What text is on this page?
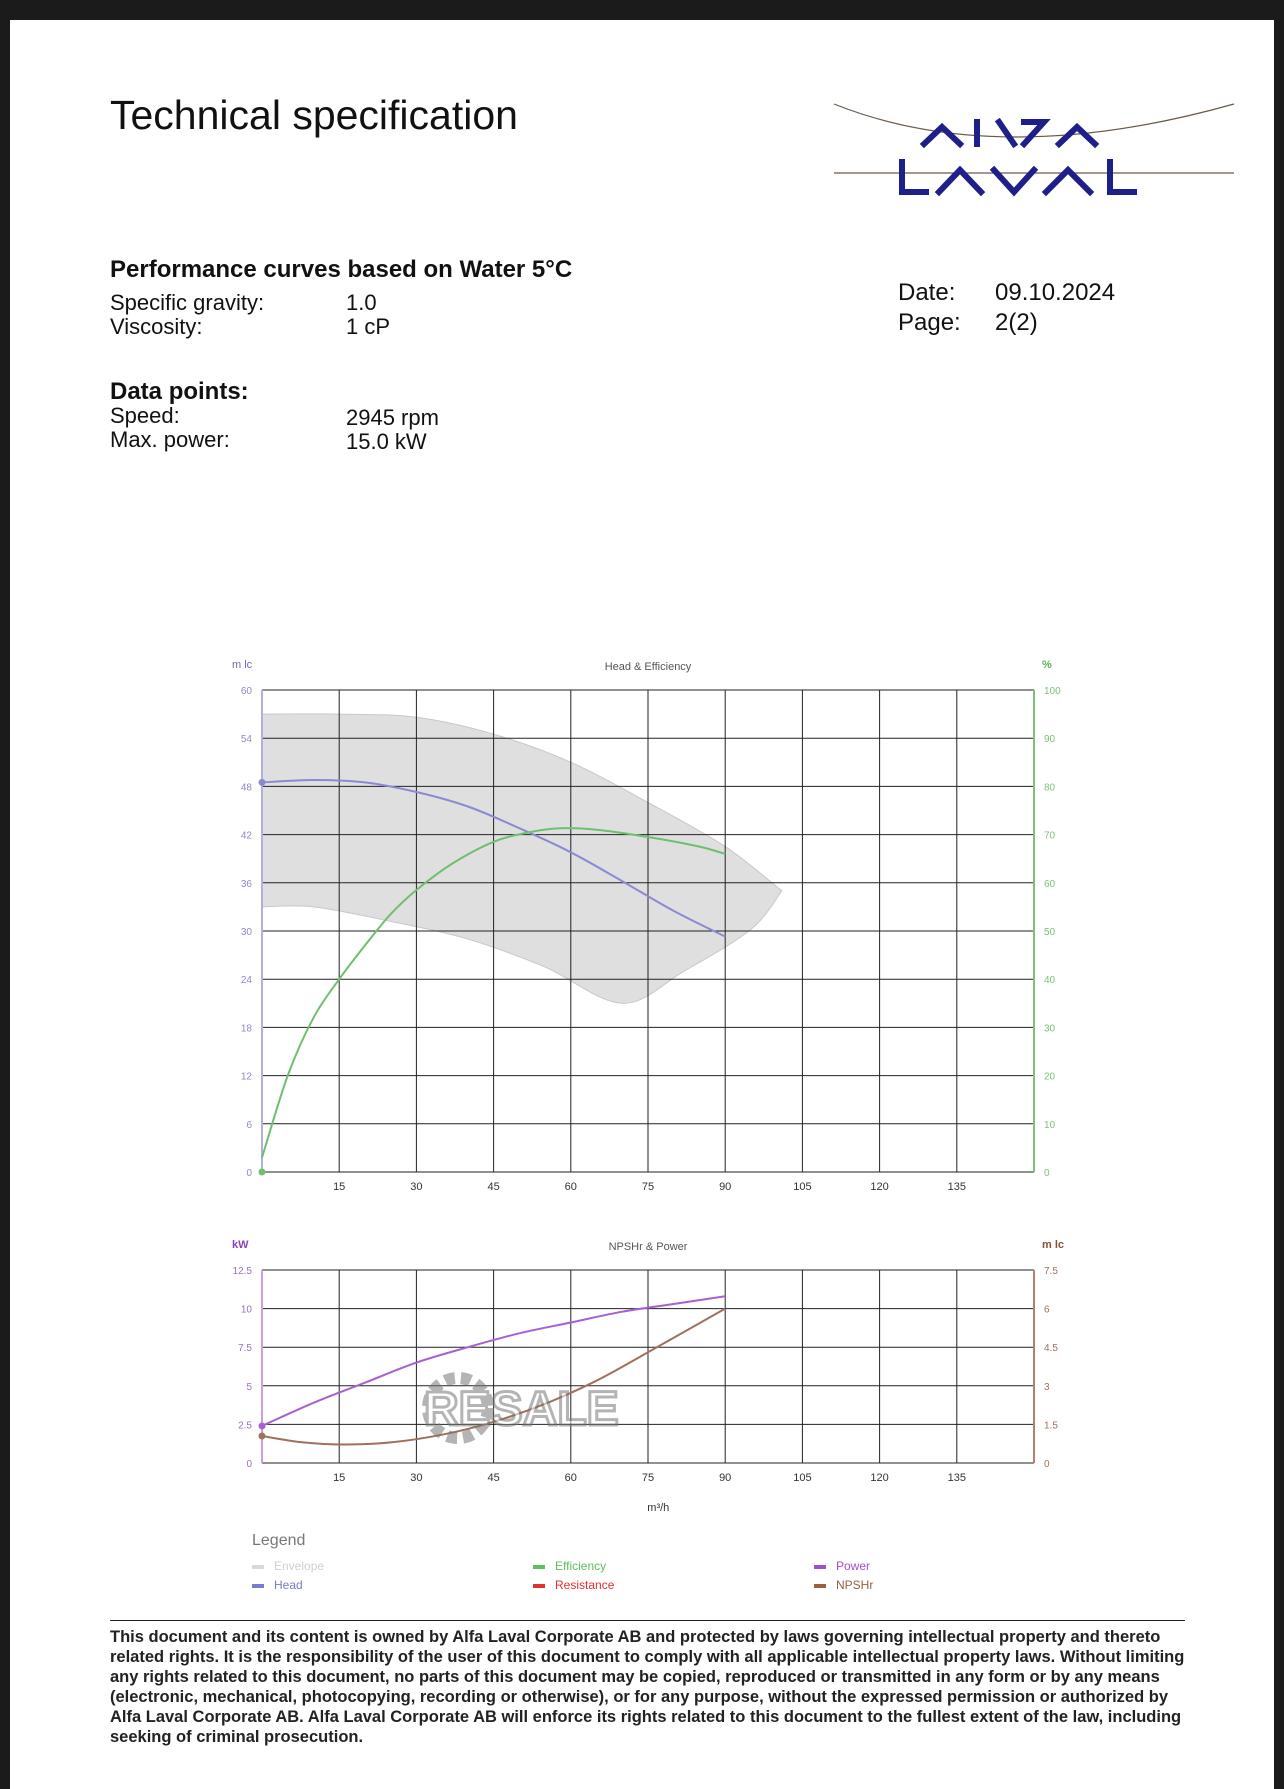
Technical specification
Performance curves based on Water 5°C
Specific gravity:	1.0
Viscosity:	1 cP
Date: 09.10.2024
Page: 2(2)
Data points:
Speed:	2945 rpm
Max. power:	15.0 kW
15	30	45	60	75	90	105	120	135
0
6
12
18
24
30
36
42
48
54
60
0
10
20
30
40
50
60
70
80
90
100
Head & Efficiency
m lc	%
15	30	45	60	75	90	105	120	135
0
2.5
5
7.5
10
12.5
0
1.5
3
4.5
6
7.5
NPSHr & Power
kW	m lc
m³/h
RESALE
Legend
Envelope
Head
Efficiency
Resistance
Power
NPSHr
This document and its content is owned by Alfa Laval Corporate AB and protected by laws governing intellectual property and thereto related rights. It is the responsibility of the user of this document to comply with all applicable intellectual property laws. Without limiting any rights related to this document, no parts of this document may be copied, reproduced or transmitted in any form or by any means (electronic, mechanical, photocopying, recording or otherwise), or for any purpose, without the expressed permission or authorized by Alfa Laval Corporate AB. Alfa Laval Corporate AB will enforce its rights related to this document to the fullest extent of the law, including seeking of criminal prosecution.
